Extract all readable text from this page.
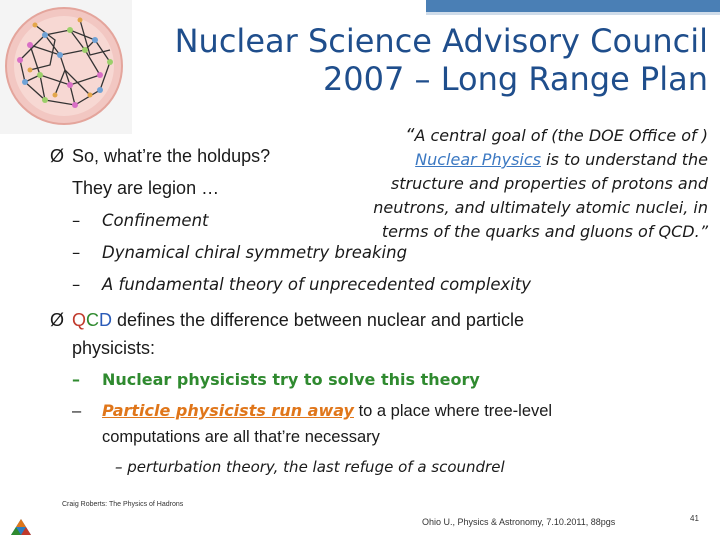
Nuclear Science Advisory Council
2007 – Long Range Plan
“A central goal of (the DOE Office of )
Nuclear Physics is to understand the
structure and properties of protons and
neutrons, and ultimately atomic nuclei, in
terms of the quarks and gluons of QCD.”
Ø So, what’re the holdups?
They are legion …
– Confinement
– Dynamical chiral symmetry breaking
– A fundamental theory of unprecedented complexity
Ø QCD defines the difference between nuclear and particle
physicists:
– Nuclear physicists try to solve this theory
– Particle physicists run away to a place where tree-level
computations are all that’re necessary
– perturbation theory, the last refuge of a scoundrel
Craig Roberts: The Physics of Hadrons
Ohio U., Physics & Astronomy, 7.10.2011, 88pgs	41
